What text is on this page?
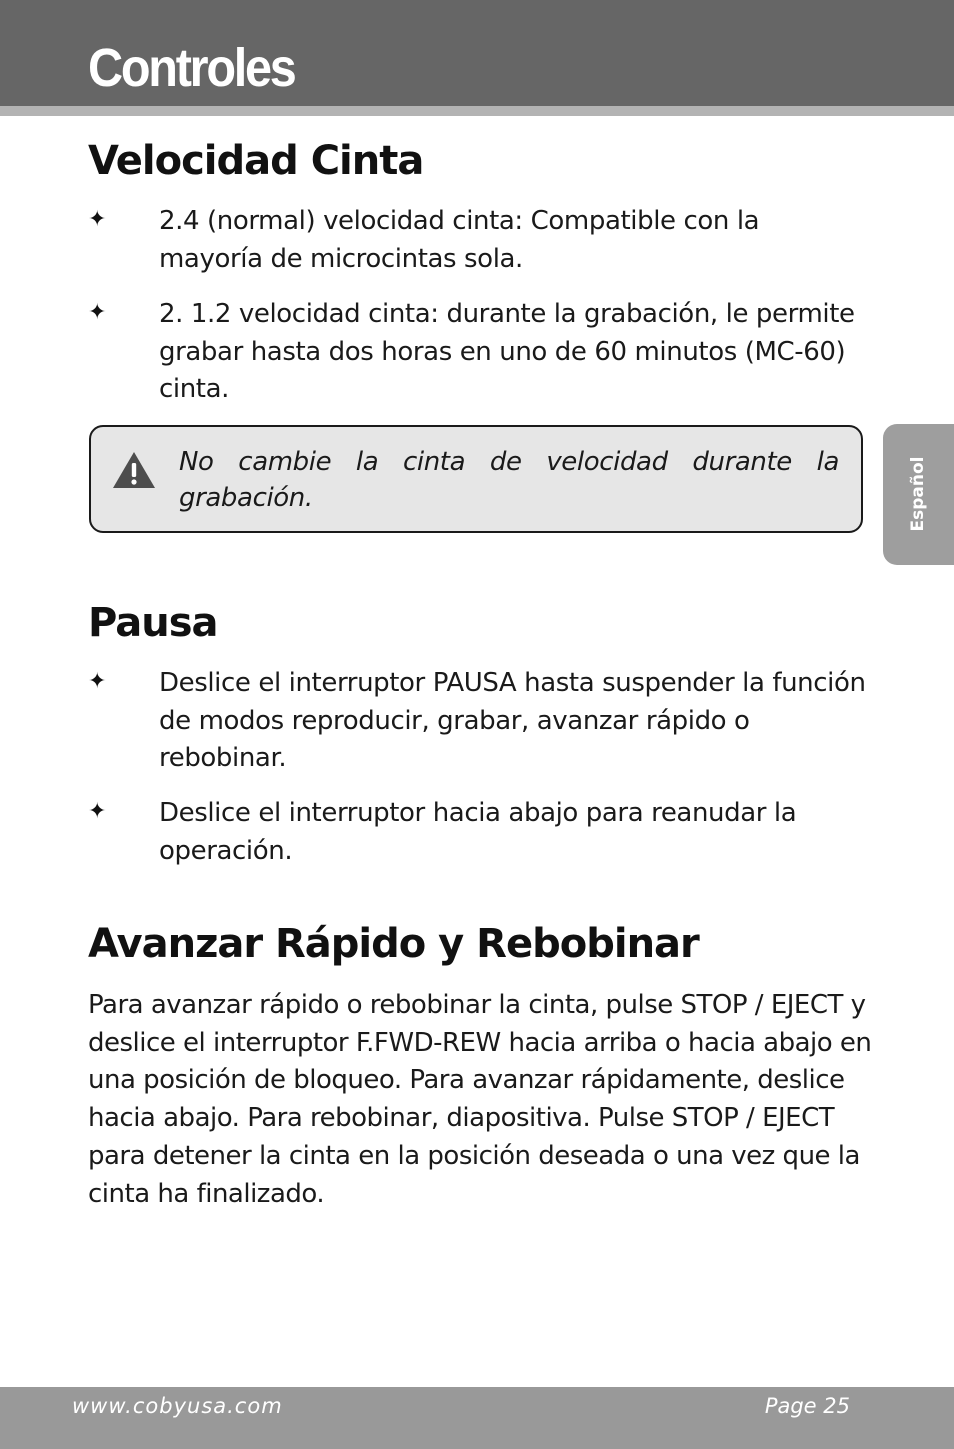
Controles
Español
Velocidad Cinta
✦ 2.4 (normal) velocidad cinta: Compatible con la mayoría de microcintas sola.
✦ 2. 1.2 velocidad cinta: durante la grabación, le permite grabar hasta dos horas en uno de 60 minutos (MC-60) cinta.
No cambie la cinta de velocidad durante la grabación.
Pausa
✦ Deslice el interruptor PAUSA hasta suspender la función de modos reproducir, grabar, avanzar rápido o rebobinar.
✦ Deslice el interruptor hacia abajo para reanudar la operación.
Avanzar Rápido y Rebobinar

Para avanzar rápido o rebobinar la cinta, pulse STOP / EJECT y deslice el interruptor F.FWD-REW hacia arriba o hacia abajo en una posición de bloqueo. Para avanzar rápidamente, deslice hacia abajo. Para rebobinar, diapositiva. Pulse STOP / EJECT para detener la cinta en la posición deseada o una vez que la cinta ha finalizado.

www.cobyusa.com	Page 25
